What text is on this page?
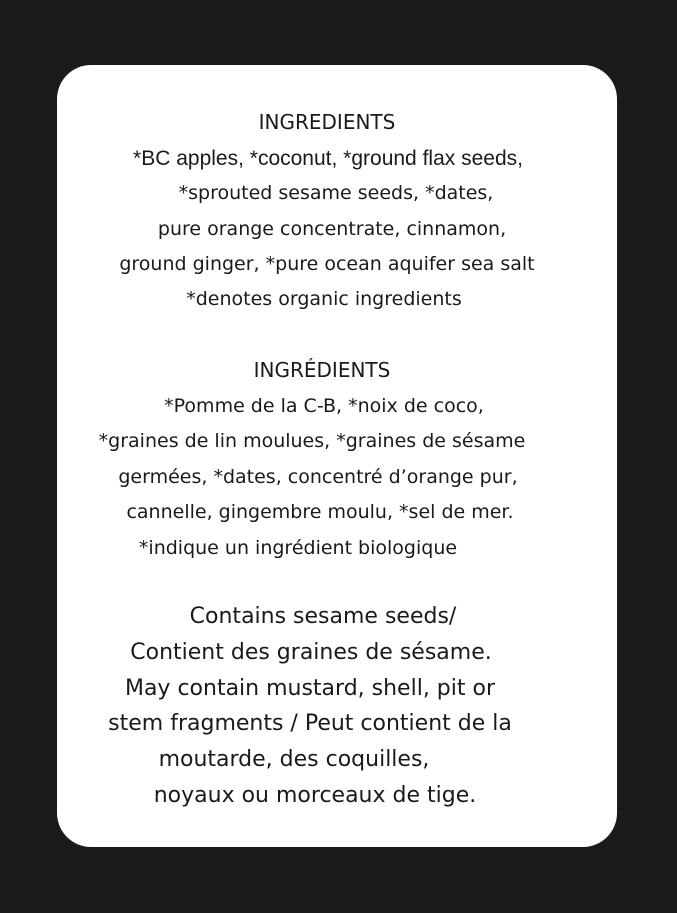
INGREDIENTS
*BC apples, *coconut, *ground flax seeds,
*sprouted sesame seeds, *dates,
pure orange concentrate, cinnamon,
ground ginger, *pure ocean aquifer sea salt
*denotes organic ingredients
INGRÉDIENTS
*Pomme de la C-B, *noix de coco,
*graines de lin moulues, *graines de sésame
germées, *dates, concentré d’orange pur,
cannelle, gingembre moulu, *sel de mer.
*indique un ingrédient biologique
Contains sesame seeds/
Contient des graines de sésame.
May contain mustard, shell, pit or
stem fragments / Peut contient de la
moutarde, des coquilles,
noyaux ou morceaux de tige.
